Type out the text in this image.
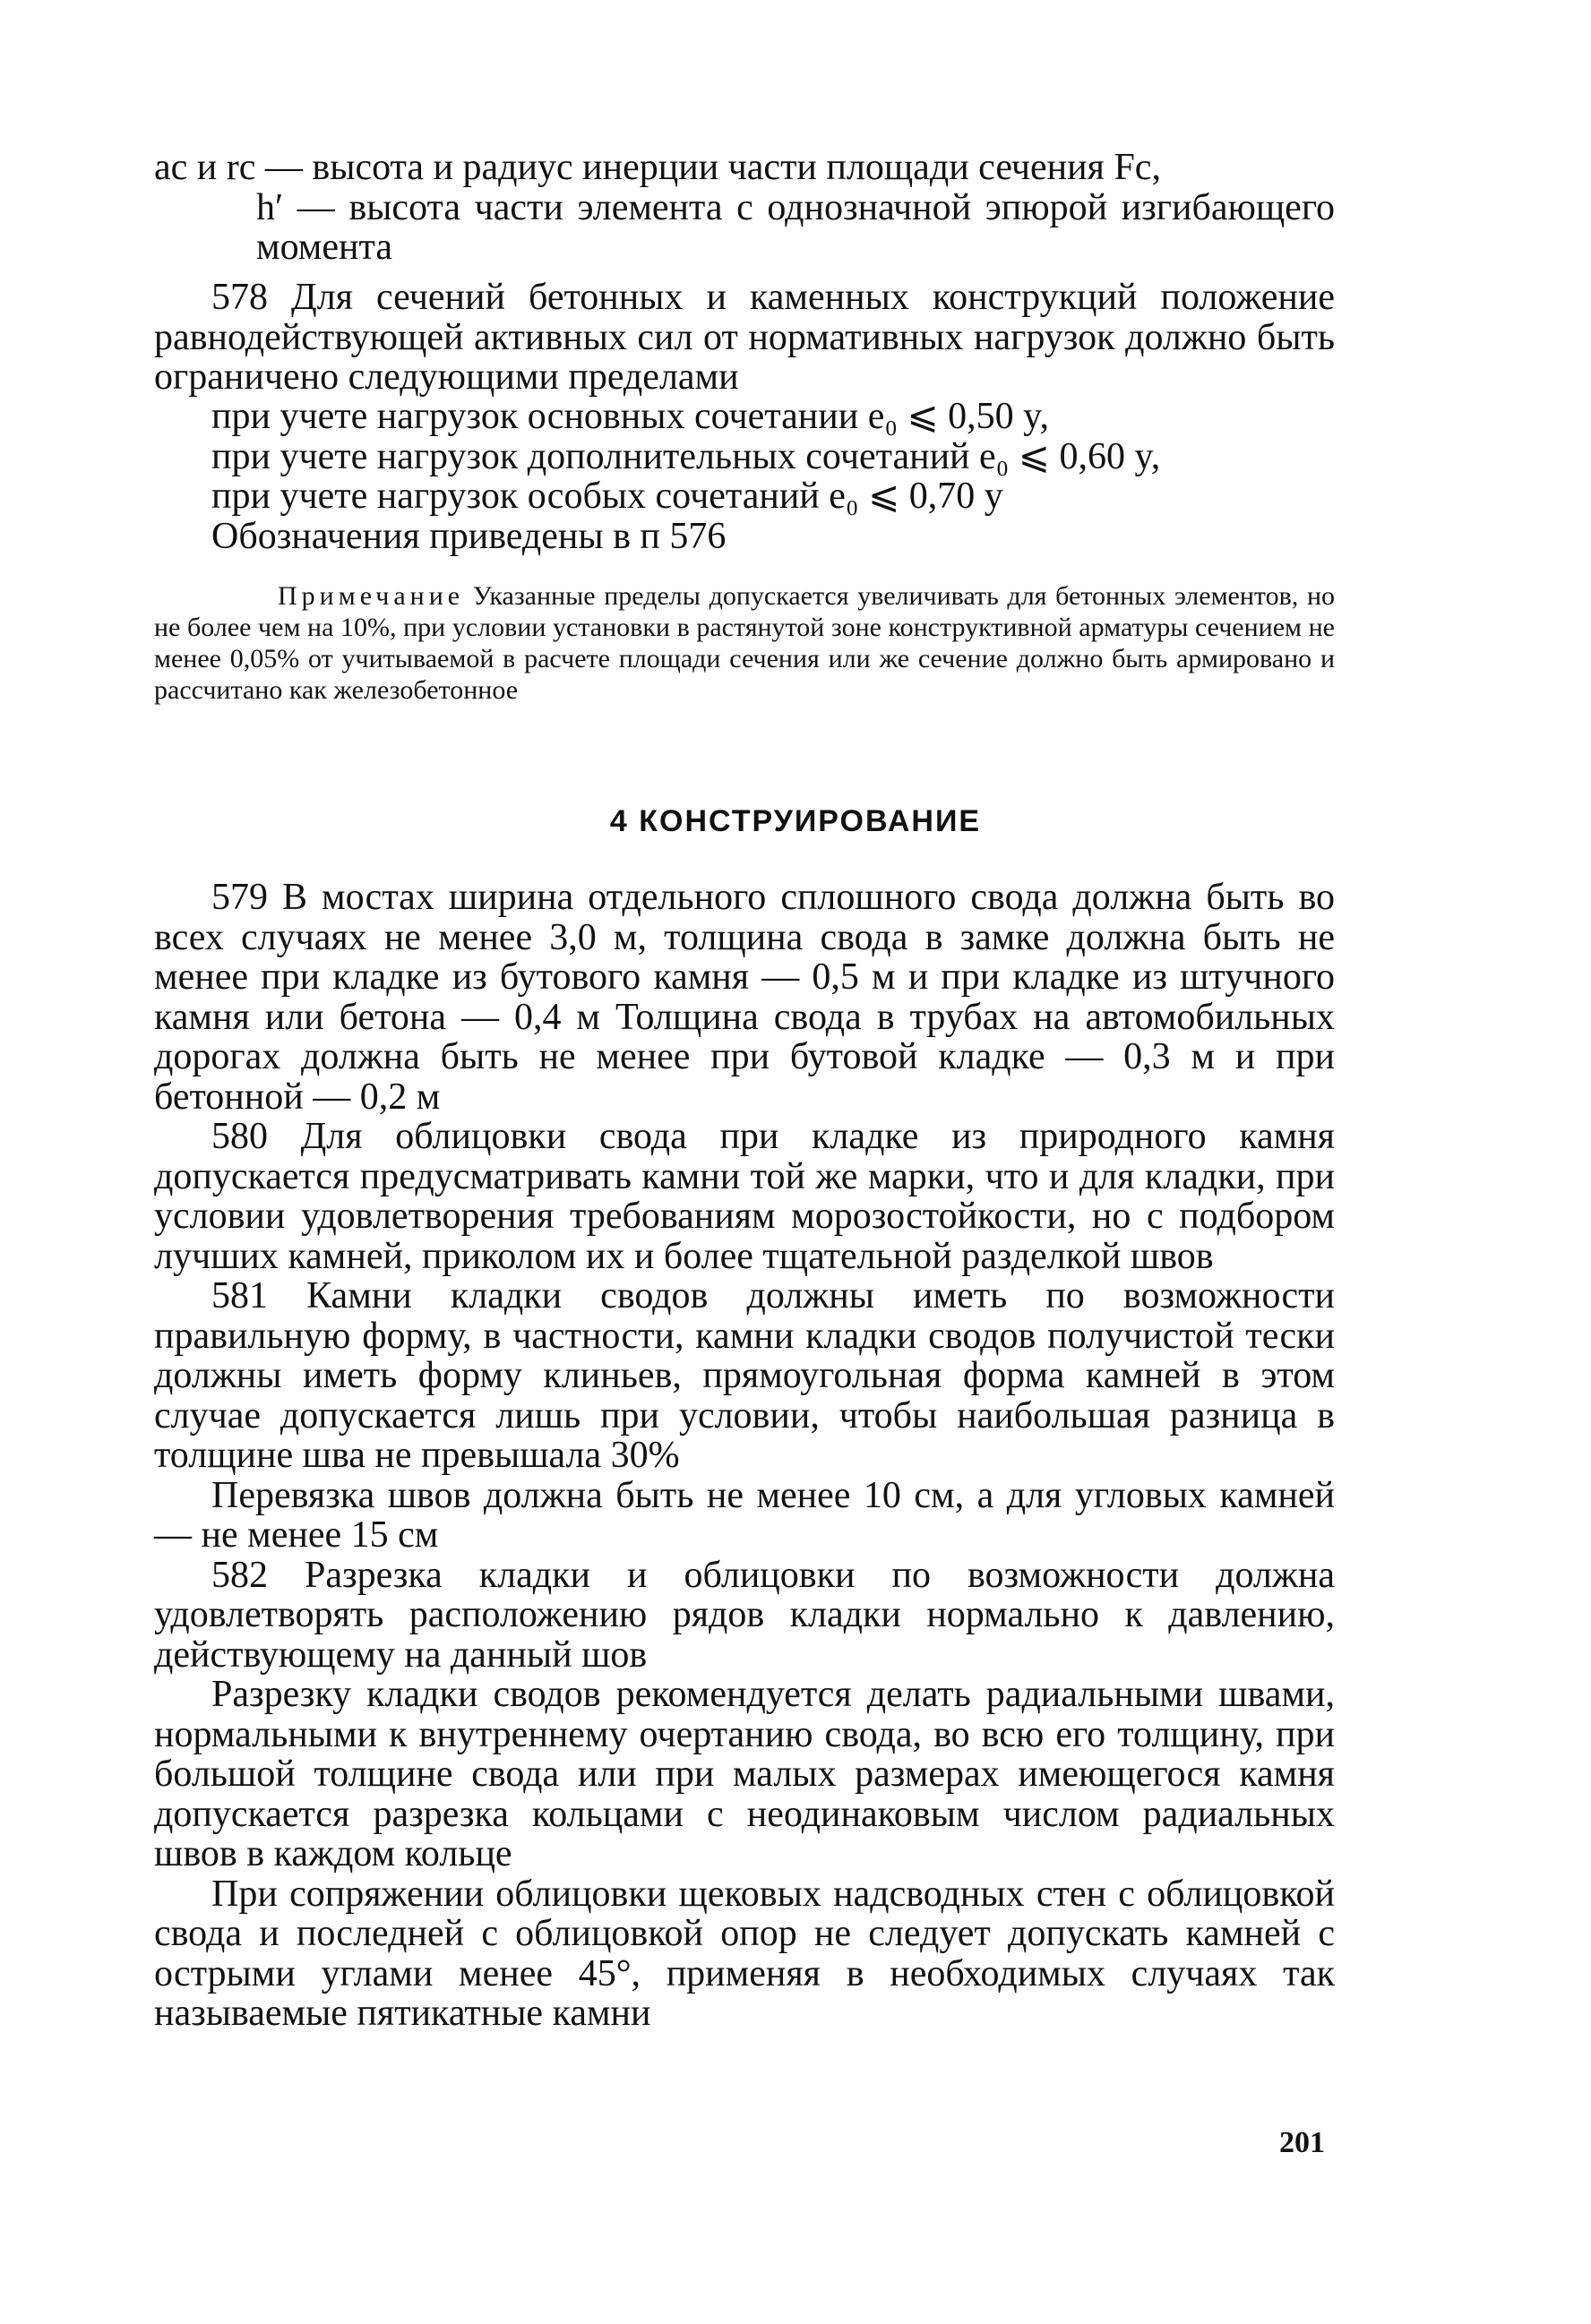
aс и rс — высота и радиус инерции части площади сечения Fс,
h′ — высота части элемента с однозначной эпюрой изгибающего момента

578 Для сечений бетонных и каменных конструкций положение равнодействующей активных сил от нормативных нагрузок должно быть ограничено следующими пределами

при учете нагрузок основных сочетании e₀ ⩽ 0,50 y,
при учете нагрузок дополнительных сочетаний e₀ ⩽ 0,60 y,
при учете нагрузок особых сочетаний e₀ ⩽ 0,70 y
Обозначения приведены в п 576
Примечание Указанные пределы допускается увеличивать для бетонных элементов, но не более чем на 10%, при условии установки в растянутой зоне конструктивной арматуры сечением не менее 0,05% от учитываемой в расчете площади сечения или же сечение должно быть армировано и рассчитано как железобетонное
4 КОНСТРУИРОВАНИЕ

579 В мостах ширина отдельного сплошного свода должна быть во всех случаях не менее 3,0 м, толщина свода в замке должна быть не менее при кладке из бутового камня — 0,5 м и при кладке из штучного камня или бетона — 0,4 м Толщина свода в трубах на автомобильных дорогах должна быть не менее при бутовой кладке — 0,3 м и при бетонной — 0,2 м

580 Для облицовки свода при кладке из природного камня допускается предусматривать камни той же марки, что и для кладки, при условии удовлетворения требованиям морозостойкости, но с подбором лучших камней, приколом их и более тщательной разделкой швов

581 Камни кладки сводов должны иметь по возможности правильную форму, в частности, камни кладки сводов получистой тески должны иметь форму клиньев, прямоугольная форма камней в этом случае допускается лишь при условии, чтобы наибольшая разница в толщине шва не превышала 30%

Перевязка швов должна быть не менее 10 см, а для угловых камней — не менее 15 см

582 Разрезка кладки и облицовки по возможности должна удовлетворять расположению рядов кладки нормально к давлению, действующему на данный шов

Разрезку кладки сводов рекомендуется делать радиальными швами, нормальными к внутреннему очертанию свода, во всю его толщину, при большой толщине свода или при малых размерах имеющегося камня допускается разрезка кольцами с неодинаковым числом радиальных швов в каждом кольце

При сопряжении облицовки щековых надсводных стен с облицовкой свода и последней с облицовкой опор не следует допускать камней с острыми углами менее 45°, применяя в необходимых случаях так называемые пятикатные камни

201
